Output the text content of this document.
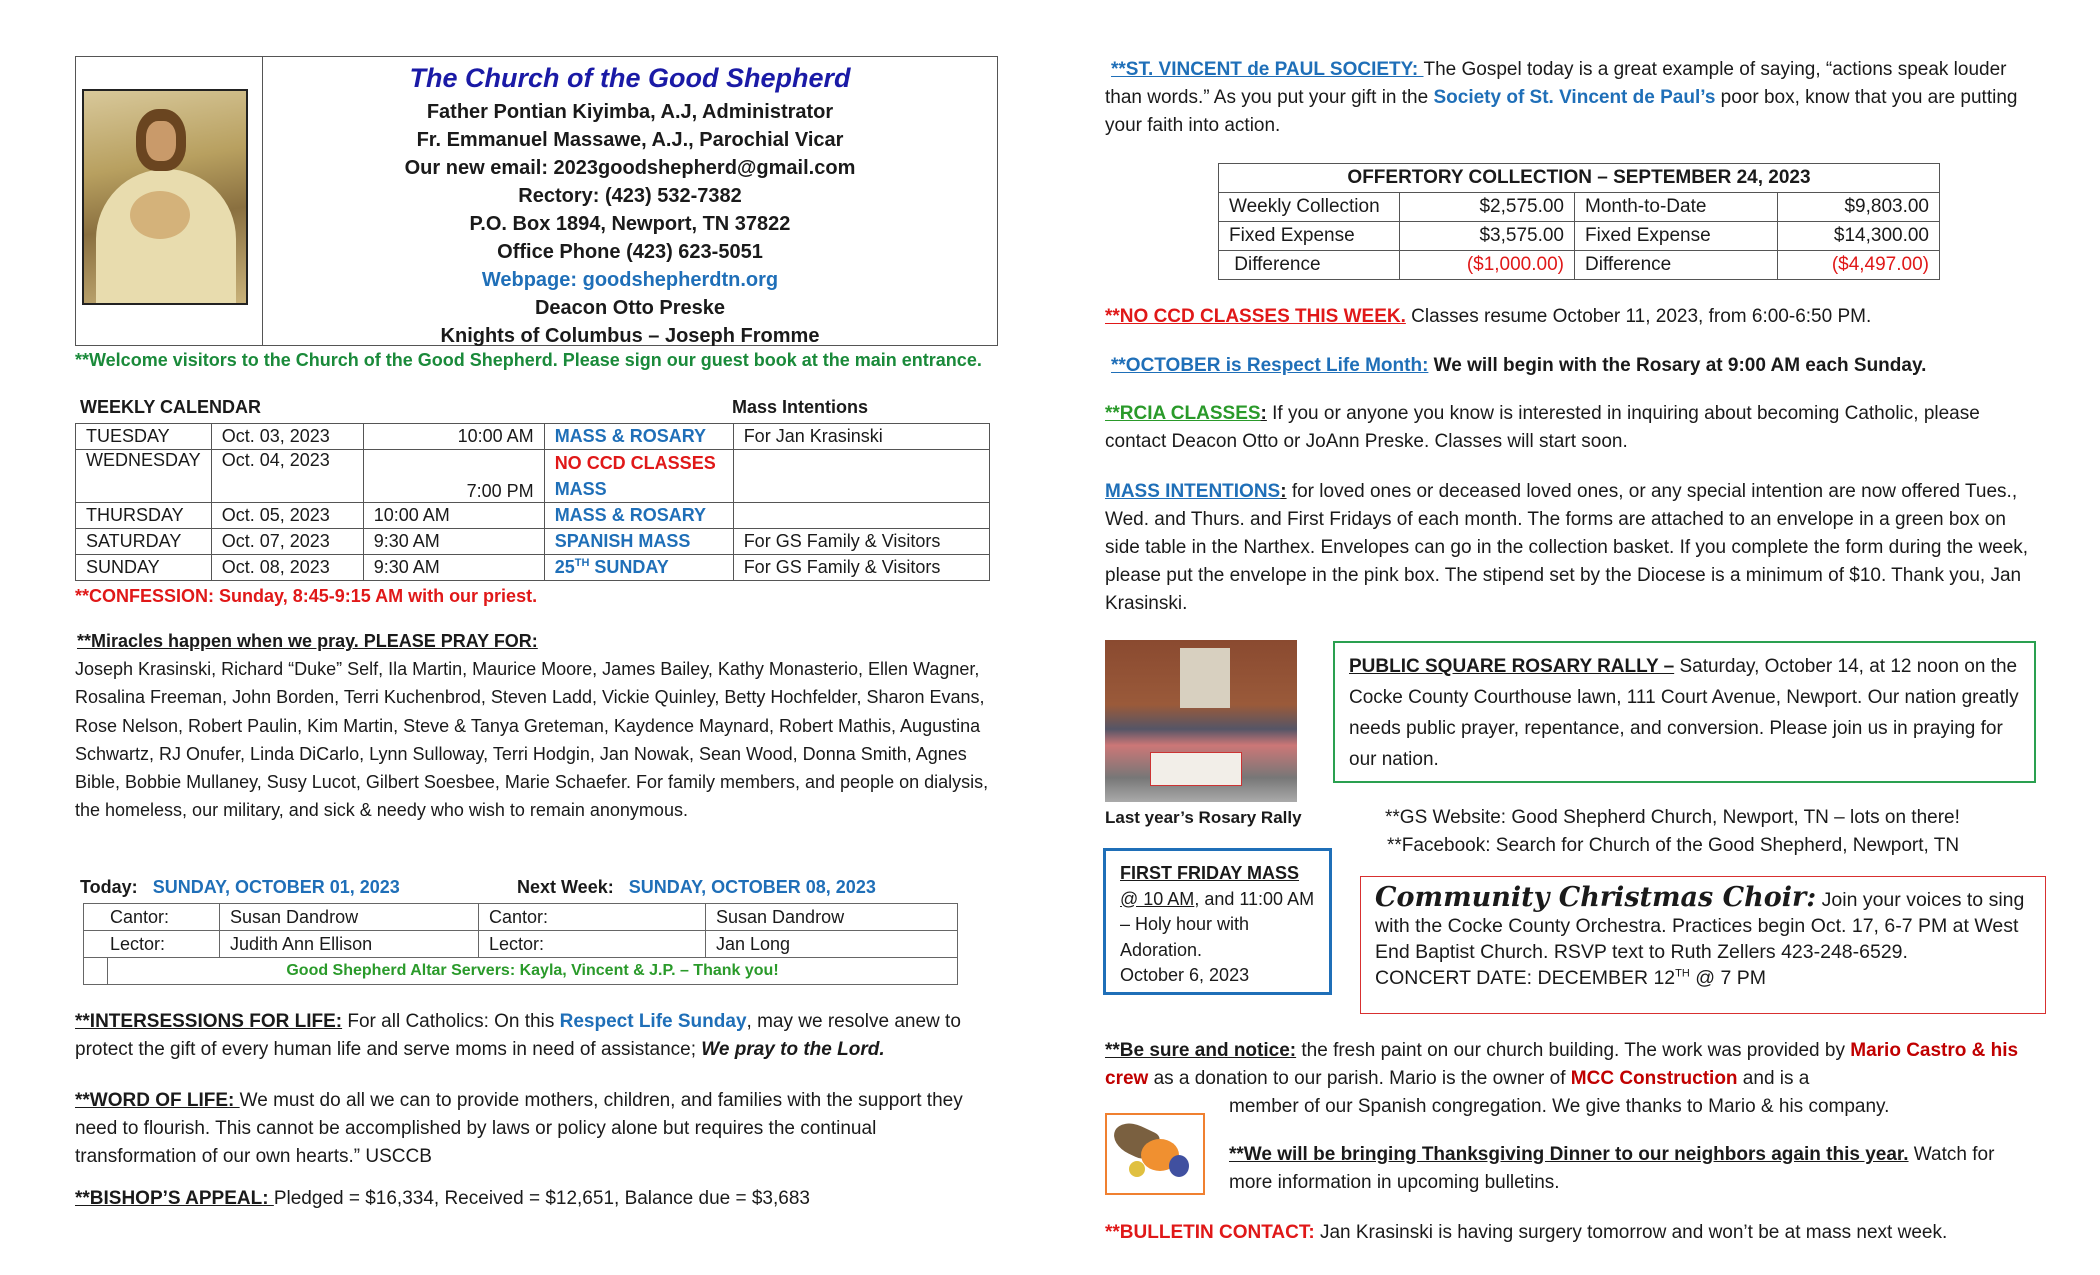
The Church of the Good Shepherd
Father Pontian Kiyimba, A.J, Administrator
Fr. Emmanuel Massawe, A.J., Parochial Vicar
Our new email: 2023goodshepherd@gmail.com
Rectory: (423) 532-7382
P.O. Box 1894, Newport, TN 37822
Office Phone (423) 623-5051
Webpage: goodshepherdtn.org
Deacon Otto Preske
Knights of Columbus – Joseph Fromme
**Welcome visitors to the Church of the Good Shepherd. Please sign our guest book at the main entrance.
WEEKLY CALENDAR	Mass Intentions
TUESDAY	Oct. 03, 2023	10:00 AM	MASS & ROSARY	For Jan Krasinski
WEDNESDAY	Oct. 04, 2023	7:00 PM	NO CCD CLASSES
MASS	

THURSDAY	Oct. 05, 2023	10:00 AM	MASS & ROSARY	
SATURDAY	Oct. 07, 2023	9:30 AM	SPANISH MASS	For GS Family & Visitors
SUNDAY	Oct. 08, 2023	9:30 AM	25TH SUNDAY	For GS Family & Visitors
**CONFESSION: Sunday, 8:45-9:15 AM with our priest.
**Miracles happen when we pray. PLEASE PRAY FOR:
Joseph Krasinski, Richard “Duke” Self, Ila Martin, Maurice Moore, James Bailey, Kathy Monasterio, Ellen Wagner, Rosalina Freeman, John Borden, Terri Kuchenbrod, Steven Ladd, Vickie Quinley, Betty Hochfelder, Sharon Evans, Rose Nelson, Robert Paulin, Kim Martin, Steve & Tanya Greteman, Kaydence Maynard, Robert Mathis, Augustina Schwartz, RJ Onufer, Linda DiCarlo, Lynn Sulloway, Terri Hodgin, Jan Nowak, Sean Wood, Donna Smith, Agnes Bible, Bobbie Mullaney, Susy Lucot, Gilbert Soesbee, Marie Schaefer. For family members, and people on dialysis, the homeless, our military, and sick & needy who wish to remain anonymous.
Today: SUNDAY, OCTOBER 01, 2023	Next Week: SUNDAY, OCTOBER 08, 2023
Cantor:		Susan Dandrow	Cantor:	Susan Dandrow
Lector:		Judith Ann Ellison	Lector:	Jan Long
	Good Shepherd Altar Servers: Kayla, Vincent & J.P. – Thank you!			
**INTERSESSIONS FOR LIFE: For all Catholics: On this Respect Life Sunday, may we resolve anew to protect the gift of every human life and serve moms in need of assistance; We pray to the Lord.
**WORD OF LIFE: We must do all we can to provide mothers, children, and families with the support they need to flourish. This cannot be accomplished by laws or policy alone but requires the continual transformation of our own hearts.” USCCB
**BISHOP’S APPEAL: Pledged = $16,334, Received = $12,651, Balance due = $3,683
**ST. VINCENT de PAUL SOCIETY: The Gospel today is a great example of saying, “actions speak louder than words.” As you put your gift in the Society of St. Vincent de Paul’s poor box, know that you are putting your faith into action.
OFFERTORY COLLECTION – SEPTEMBER 24, 2023			
Weekly Collection	$2,575.00	Month-to-Date	$9,803.00
Fixed Expense	$3,575.00	Fixed Expense	$14,300.00
Difference	($1,000.00)	Difference	($4,497.00)
**NO CCD CLASSES THIS WEEK. Classes resume October 11, 2023, from 6:00-6:50 PM.
**OCTOBER is Respect Life Month: We will begin with the Rosary at 9:00 AM each Sunday.
**RCIA CLASSES: If you or anyone you know is interested in inquiring about becoming Catholic, please contact Deacon Otto or JoAnn Preske. Classes will start soon.
MASS INTENTIONS: for loved ones or deceased loved ones, or any special intention are now offered Tues., Wed. and Thurs. and First Fridays of each month. The forms are attached to an envelope in a green box on side table in the Narthex. Envelopes can go in the collection basket. If you complete the form during the week, please put the envelope in the pink box. The stipend set by the Diocese is a minimum of $10. Thank you, Jan Krasinski.
Last year’s Rosary Rally
PUBLIC SQUARE ROSARY RALLY – Saturday, October 14, at 12 noon on the Cocke County Courthouse lawn, 111 Court Avenue, Newport. Our nation greatly needs public prayer, repentance, and conversion. Please join us in praying for our nation.
**GS Website: Good Shepherd Church, Newport, TN – lots on there!
**Facebook: Search for Church of the Good Shepherd, Newport, TN
FIRST FRIDAY MASS
@ 10 AM, and 11:00 AM – Holy hour with Adoration.
October 6, 2023
Community Christmas Choir: Join your voices to sing with the Cocke County Orchestra. Practices begin Oct. 17, 6-7 PM at West End Baptist Church. RSVP text to Ruth Zellers 423-248-6529.
CONCERT DATE: DECEMBER 12TH @ 7 PM
**Be sure and notice: the fresh paint on our church building. The work was provided by Mario Castro & his crew as a donation to our parish. Mario is the owner of MCC Construction and is a
member of our Spanish congregation. We give thanks to Mario & his company.
**We will be bringing Thanksgiving Dinner to our neighbors again this year. Watch for more information in upcoming bulletins.
**BULLETIN CONTACT: Jan Krasinski is having surgery tomorrow and won’t be at mass next week.
